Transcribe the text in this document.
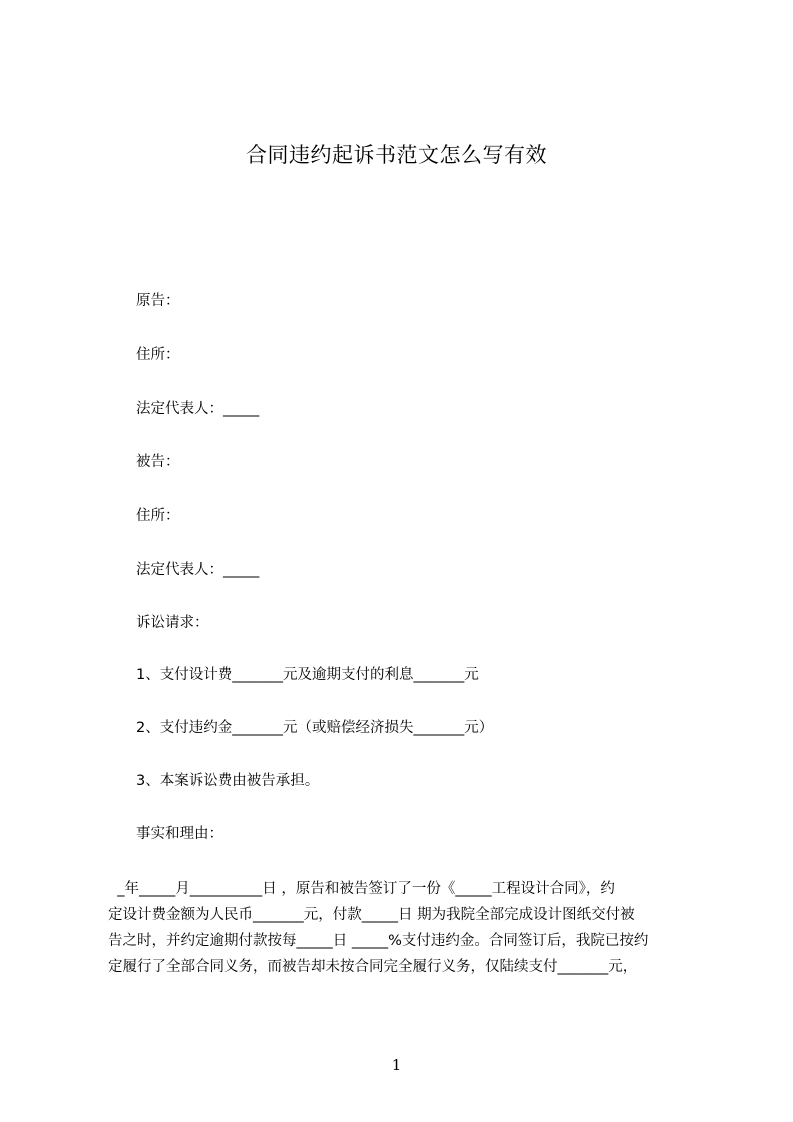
合同违约起诉书范文怎么写有效
原告：
住所：
法定代表人：_____
被告：
住所：
法定代表人：_____
诉讼请求：
1、支付设计费_______元及逾期支付的利息_______元
2、支付违约金_______元（或赔偿经济损失_______元）
3、本案诉讼费由被告承担。
事实和理由：
_年_____月__________日 ，原告和被告签订了一份《_____工程设计合同》，约
定设计费金额为人民币_______元，付款_____日 期为我院全部完成设计图纸交付被
告之时，并约定逾期付款按每_____日 _____%支付违约金。合同签订后，我院已按约
定履行了全部合同义务，而被告却未按合同完全履行义务，仅陆续支付_______元，
1
